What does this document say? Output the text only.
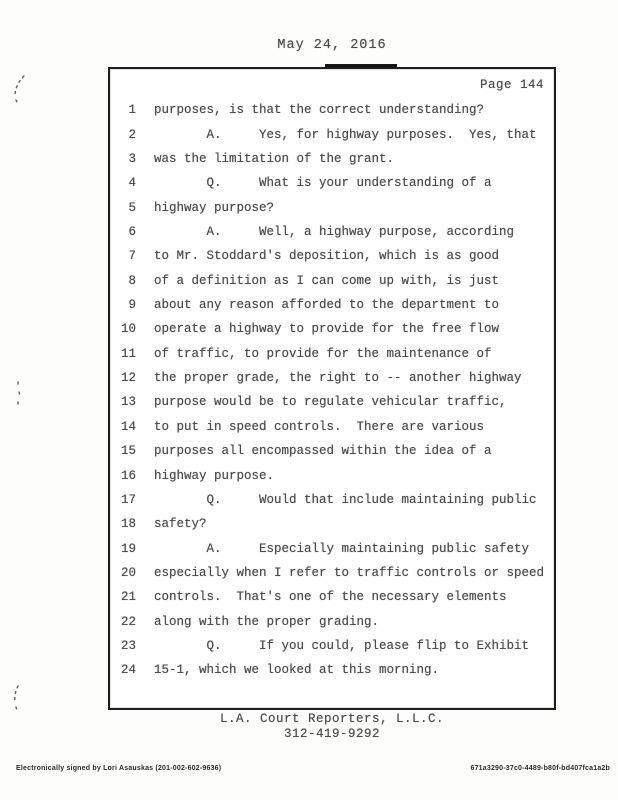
May 24, 2016
Page 144
1 purposes, is that the correct understanding?
2 A.     Yes, for highway purposes.  Yes, that
3 was the limitation of the grant.
4 Q.     What is your understanding of a
5 highway purpose?
6 A.     Well, a highway purpose, according
7 to Mr. Stoddard's deposition, which is as good
8 of a definition as I can come up with, is just
9 about any reason afforded to the department to
10 operate a highway to provide for the free flow
11 of traffic, to provide for the maintenance of
12 the proper grade, the right to -- another highway
13 purpose would be to regulate vehicular traffic,
14 to put in speed controls.  There are various
15 purposes all encompassed within the idea of a
16 highway purpose.
17 Q.     Would that include maintaining public
18 safety?
19 A.     Especially maintaining public safety
20 especially when I refer to traffic controls or speed
21 controls.  That's one of the necessary elements
22 along with the proper grading.
23 Q.     If you could, please flip to Exhibit
24 15-1, which we looked at this morning.
L.A. Court Reporters, L.L.C.
312-419-9292
Electronically signed by Lori Asauskas (201-002-602-9636)	671a3290-37c0-4489-b80f-bd407fca1a2b
